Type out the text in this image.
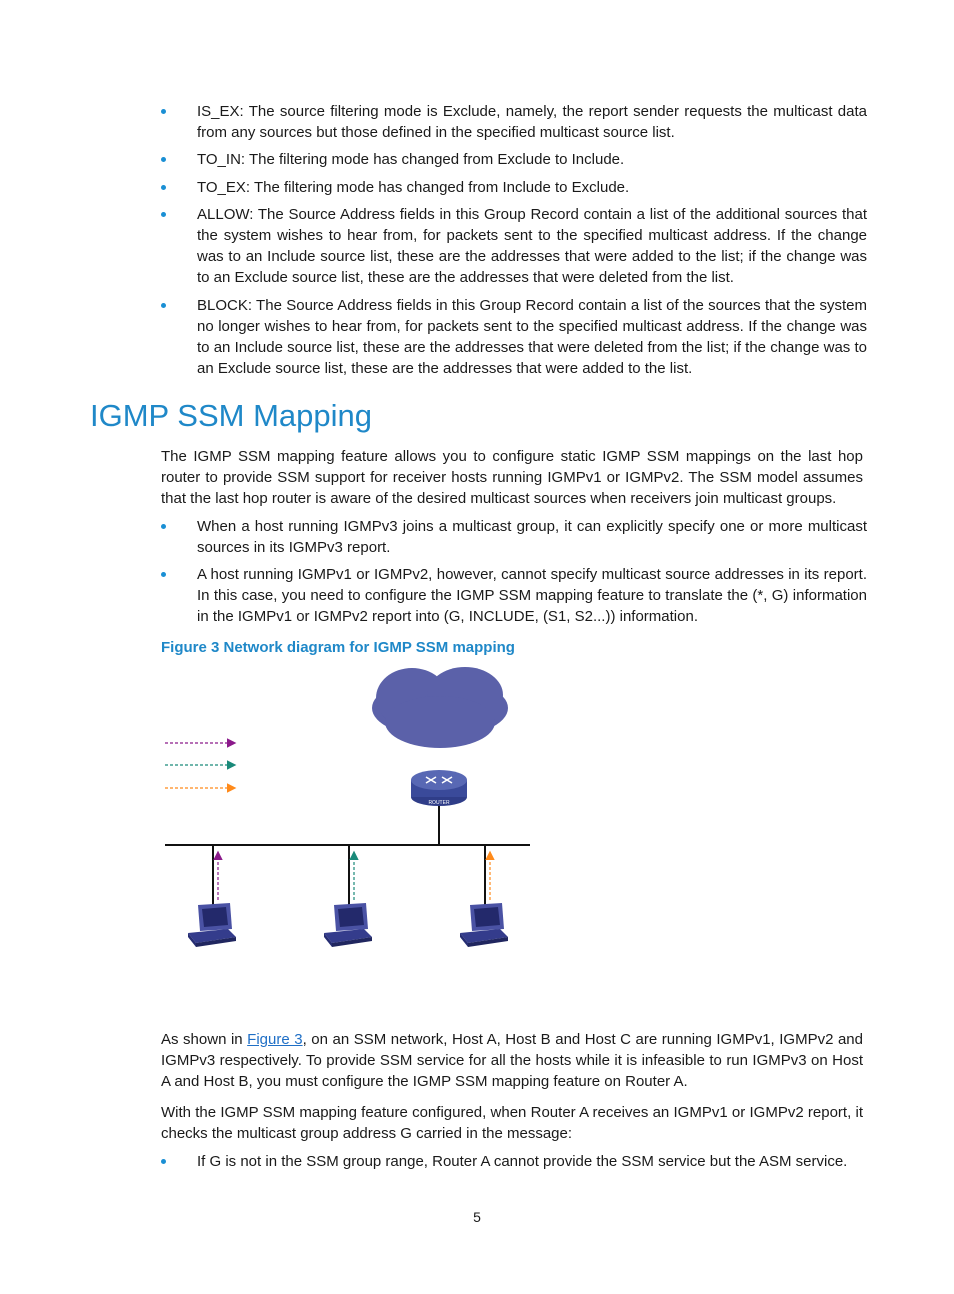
IS_EX: The source filtering mode is Exclude, namely, the report sender requests the multicast data from any sources but those defined in the specified multicast source list.
TO_IN: The filtering mode has changed from Exclude to Include.
TO_EX: The filtering mode has changed from Include to Exclude.
ALLOW: The Source Address fields in this Group Record contain a list of the additional sources that the system wishes to hear from, for packets sent to the specified multicast address. If the change was to an Include source list, these are the addresses that were added to the list; if the change was to an Exclude source list, these are the addresses that were deleted from the list.
BLOCK: The Source Address fields in this Group Record contain a list of the sources that the system no longer wishes to hear from, for packets sent to the specified multicast address. If the change was to an Include source list, these are the addresses that were deleted from the list; if the change was to an Exclude source list, these are the addresses that were added to the list.
IGMP SSM Mapping

The IGMP SSM mapping feature allows you to configure static IGMP SSM mappings on the last hop router to provide SSM support for receiver hosts running IGMPv1 or IGMPv2. The SSM model assumes that the last hop router is aware of the desired multicast sources when receivers join multicast groups.

When a host running IGMPv3 joins a multicast group, it can explicitly specify one or more multicast sources in its IGMPv3 report.
A host running IGMPv1 or IGMPv2, however, cannot specify multicast source addresses in its report. In this case, you need to configure the IGMP SSM mapping feature to translate the (*, G) information in the IGMPv1 or IGMPv2 report into (G, INCLUDE, (S1, S2...)) information.
Figure 3 Network diagram for IGMP SSM mapping
ROUTER

As shown in Figure 3, on an SSM network, Host A, Host B and Host C are running IGMPv1, IGMPv2 and IGMPv3 respectively. To provide SSM service for all the hosts while it is infeasible to run IGMPv3 on Host A and Host B, you must configure the IGMP SSM mapping feature on Router A.

With the IGMP SSM mapping feature configured, when Router A receives an IGMPv1 or IGMPv2 report, it checks the multicast group address G carried in the message:

If G is not in the SSM group range, Router A cannot provide the SSM service but the ASM service.
5
